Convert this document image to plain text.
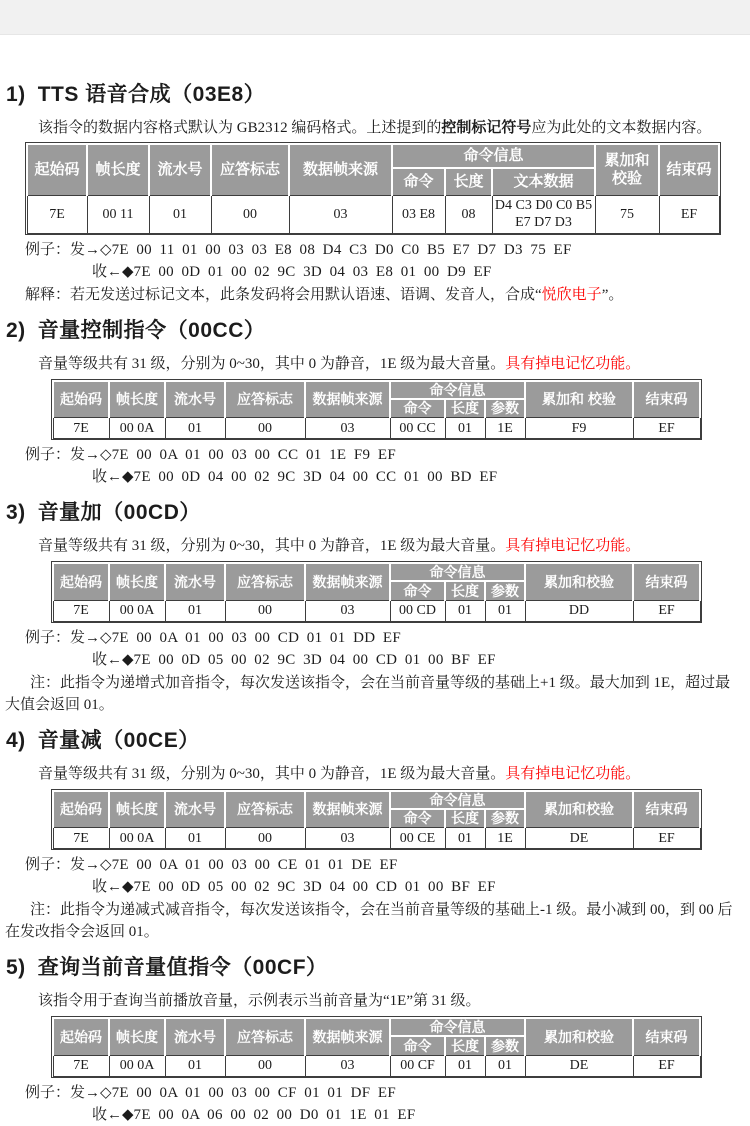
1) TTS 语音合成（03E8）

该指令的数据内容格式默认为 GB2312 编码格式。上述提到的控制标记符号应为此处的文本数据内容。

起始码	帧长度	流水号	应答标志	数据帧来源	命令信息			累加和 校验	结束码
					命令	长度	文本数据		
7E	00 11	01	00	03	03 E8	08	D4 C3 D0 C0 B5 E7 D7 D3	75	EF
例子：发→◇7E 00 11 01 00 03 03 E8 08 D4 C3 D0 C0 B5 E7 D7 D3 75 EF
收←◆7E 00 0D 01 00 02 9C 3D 04 03 E8 01 00 D9 EF

解释：若无发送过标记文本，此条发码将会用默认语速、语调、发音人，合成“悦欣电子”。

2) 音量控制指令（00CC）

音量等级共有 31 级，分别为 0~30，其中 0 为静音，1E 级为最大音量。具有掉电记忆功能。

起始码	帧长度	流水号	应答标志	数据帧来源	命令信息			累加和 校验	结束码
					命令	长度	参数		
7E	00 0A	01	00	03	00 CC	01	1E	F9	EF
例子：发→◇7E 00 0A 01 00 03 00 CC 01 1E F9 EF
收←◆7E 00 0D 04 00 02 9C 3D 04 00 CC 01 00 BD EF
3) 音量加（00CD）

音量等级共有 31 级，分别为 0~30，其中 0 为静音，1E 级为最大音量。具有掉电记忆功能。

起始码	帧长度	流水号	应答标志	数据帧来源	命令信息			累加和校验	结束码
					命令	长度	参数		
7E	00 0A	01	00	03	00 CD	01	01	DD	EF
例子：发→◇7E 00 0A 01 00 03 00 CD 01 01 DD EF
收←◆7E 00 0D 05 00 02 9C 3D 04 00 CD 01 00 BF EF

注：此指令为递增式加音指令，每次发送该指令，会在当前音量等级的基础上+1 级。最大加到 1E，超过最大值会返回 01。

4) 音量减（00CE）

音量等级共有 31 级，分别为 0~30，其中 0 为静音，1E 级为最大音量。具有掉电记忆功能。

起始码	帧长度	流水号	应答标志	数据帧来源	命令信息			累加和校验	结束码
					命令	长度	参数		
7E	00 0A	01	00	03	00 CE	01	1E	DE	EF
例子：发→◇7E 00 0A 01 00 03 00 CE 01 01 DE EF
收←◆7E 00 0D 05 00 02 9C 3D 04 00 CD 01 00 BF EF

注：此指令为递减式减音指令，每次发送该指令，会在当前音量等级的基础上-1 级。最小减到 00，到 00 后在发改指令会返回 01。

5) 查询当前音量值指令（00CF）

该指令用于查询当前播放音量，示例表示当前音量为“1E”第 31 级。

起始码	帧长度	流水号	应答标志	数据帧来源	命令信息			累加和校验	结束码
					命令	长度	参数		
7E	00 0A	01	00	03	00 CF	01	01	DE	EF
例子：发→◇7E 00 0A 01 00 03 00 CF 01 01 DF EF
收←◆7E 00 0A 06 00 02 00 D0 01 1E 01 EF
